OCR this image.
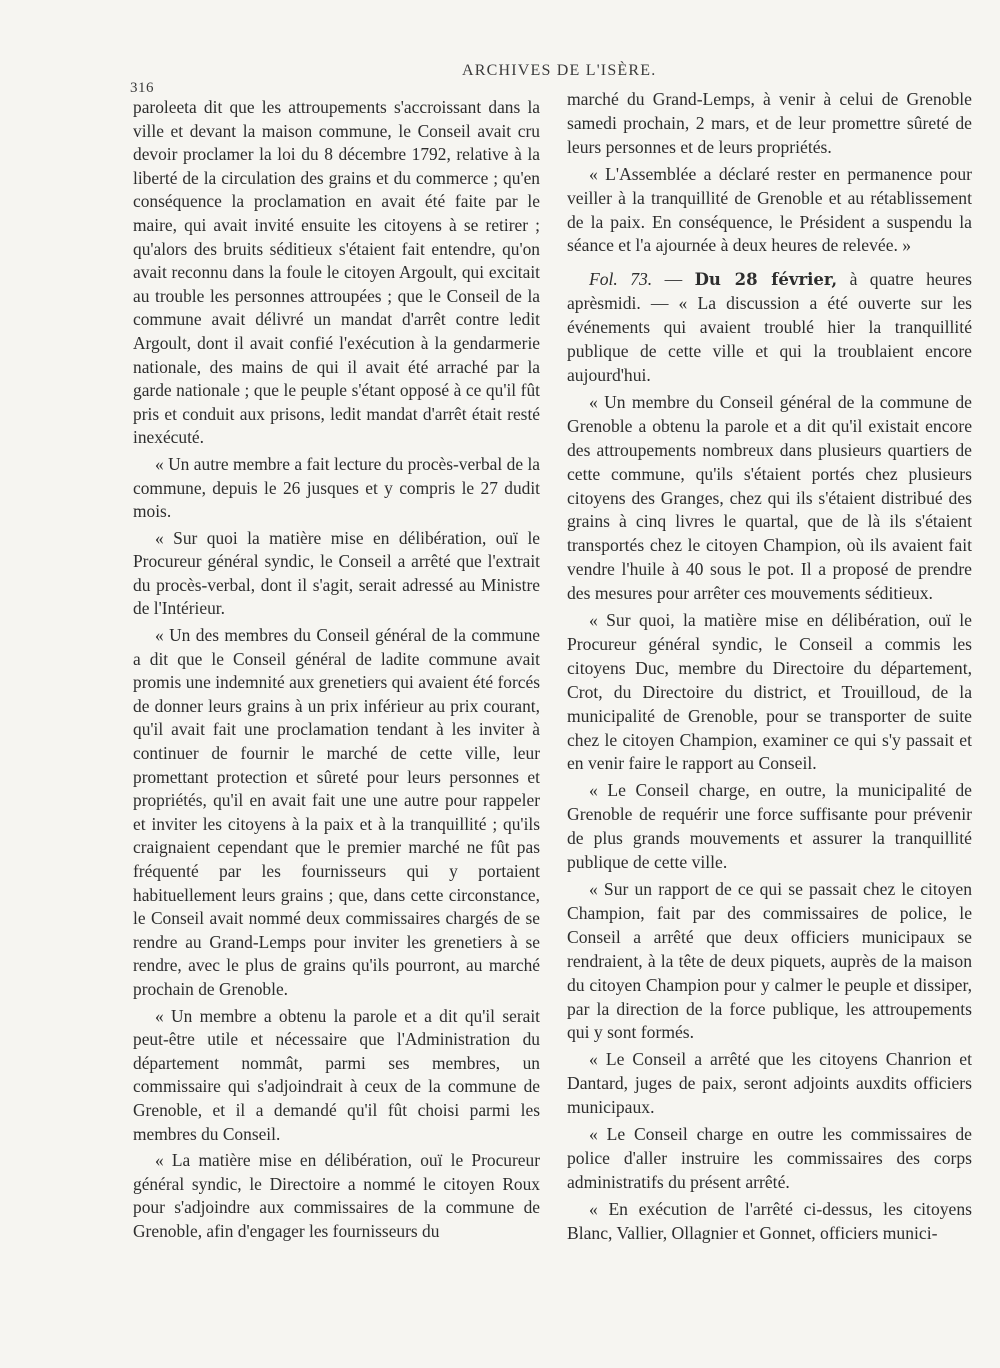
316
ARCHIVES DE L'ISÈRE.

paroleeta dit que les attroupements s'accroissant dans la ville et devant la maison commune, le Conseil avait cru devoir proclamer la loi du 8 décembre 1792, relative à la liberté de la circulation des grains et du commerce ; qu'en conséquence la proclamation en avait été faite par le maire, qui avait invité ensuite les citoyens à se retirer ; qu'alors des bruits séditieux s'étaient fait entendre, qu'on avait reconnu dans la foule le citoyen Argoult, qui excitait au trouble les personnes attroupées ; que le Conseil de la commune avait délivré un mandat d'arrêt contre ledit Argoult, dont il avait confié l'exécution à la gendarmerie nationale, des mains de qui il avait été arraché par la garde nationale ; que le peuple s'étant opposé à ce qu'il fût pris et conduit aux prisons, ledit mandat d'arrêt était resté inexécuté.

« Un autre membre a fait lecture du procès-verbal de la commune, depuis le 26 jusques et y compris le 27 dudit mois.

« Sur quoi la matière mise en délibération, ouï le Procureur général syndic, le Conseil a arrêté que l'extrait du procès-verbal, dont il s'agit, serait adressé au Ministre de l'Intérieur.

« Un des membres du Conseil général de la commune a dit que le Conseil général de ladite commune avait promis une indemnité aux grenetiers qui avaient été forcés de donner leurs grains à un prix inférieur au prix courant, qu'il avait fait une proclamation tendant à les inviter à continuer de fournir le marché de cette ville, leur promettant protection et sûreté pour leurs personnes et propriétés, qu'il en avait fait une une autre pour rappeler et inviter les citoyens à la paix et à la tranquillité ; qu'ils craignaient cependant que le premier marché ne fût pas fréquenté par les fournisseurs qui y portaient habituellement leurs grains ; que, dans cette circonstance, le Conseil avait nommé deux commissaires chargés de se rendre au Grand-Lemps pour inviter les grenetiers à se rendre, avec le plus de grains qu'ils pourront, au marché prochain de Grenoble.

« Un membre a obtenu la parole et a dit qu'il serait peut-être utile et nécessaire que l'Administration du département nommât, parmi ses membres, un commissaire qui s'adjoindrait à ceux de la commune de Grenoble, et il a demandé qu'il fût choisi parmi les membres du Conseil.

« La matière mise en délibération, ouï le Procureur général syndic, le Directoire a nommé le citoyen Roux pour s'adjoindre aux commissaires de la commune de Grenoble, afin d'engager les fournisseurs du

marché du Grand-Lemps, à venir à celui de Grenoble samedi prochain, 2 mars, et de leur promettre sûreté de leurs personnes et de leurs propriétés.

« L'Assemblée a déclaré rester en permanence pour veiller à la tranquillité de Grenoble et au rétablissement de la paix. En conséquence, le Président a suspendu la séance et l'a ajournée à deux heures de relevée. »

Fol. 73. — Du 28 février, à quatre heures aprèsmidi. — « La discussion a été ouverte sur les événements qui avaient troublé hier la tranquillité publique de cette ville et qui la troublaient encore aujourd'hui.

« Un membre du Conseil général de la commune de Grenoble a obtenu la parole et a dit qu'il existait encore des attroupements nombreux dans plusieurs quartiers de cette commune, qu'ils s'étaient portés chez plusieurs citoyens des Granges, chez qui ils s'étaient distribué des grains à cinq livres le quartal, que de là ils s'étaient transportés chez le citoyen Champion, où ils avaient fait vendre l'huile à 40 sous le pot. Il a proposé de prendre des mesures pour arrêter ces mouvements séditieux.

« Sur quoi, la matière mise en délibération, ouï le Procureur général syndic, le Conseil a commis les citoyens Duc, membre du Directoire du département, Crot, du Directoire du district, et Trouilloud, de la municipalité de Grenoble, pour se transporter de suite chez le citoyen Champion, examiner ce qui s'y passait et en venir faire le rapport au Conseil.

« Le Conseil charge, en outre, la municipalité de Grenoble de requérir une force suffisante pour prévenir de plus grands mouvements et assurer la tranquillité publique de cette ville.

« Sur un rapport de ce qui se passait chez le citoyen Champion, fait par des commissaires de police, le Conseil a arrêté que deux officiers municipaux se rendraient, à la tête de deux piquets, auprès de la maison du citoyen Champion pour y calmer le peuple et dissiper, par la direction de la force publique, les attroupements qui y sont formés.

« Le Conseil a arrêté que les citoyens Chanrion et Dantard, juges de paix, seront adjoints auxdits officiers municipaux.

« Le Conseil charge en outre les commissaires de police d'aller instruire les commissaires des corps administratifs du présent arrêté.

« En exécution de l'arrêté ci-dessus, les citoyens Blanc, Vallier, Ollagnier et Gonnet, officiers munici-
